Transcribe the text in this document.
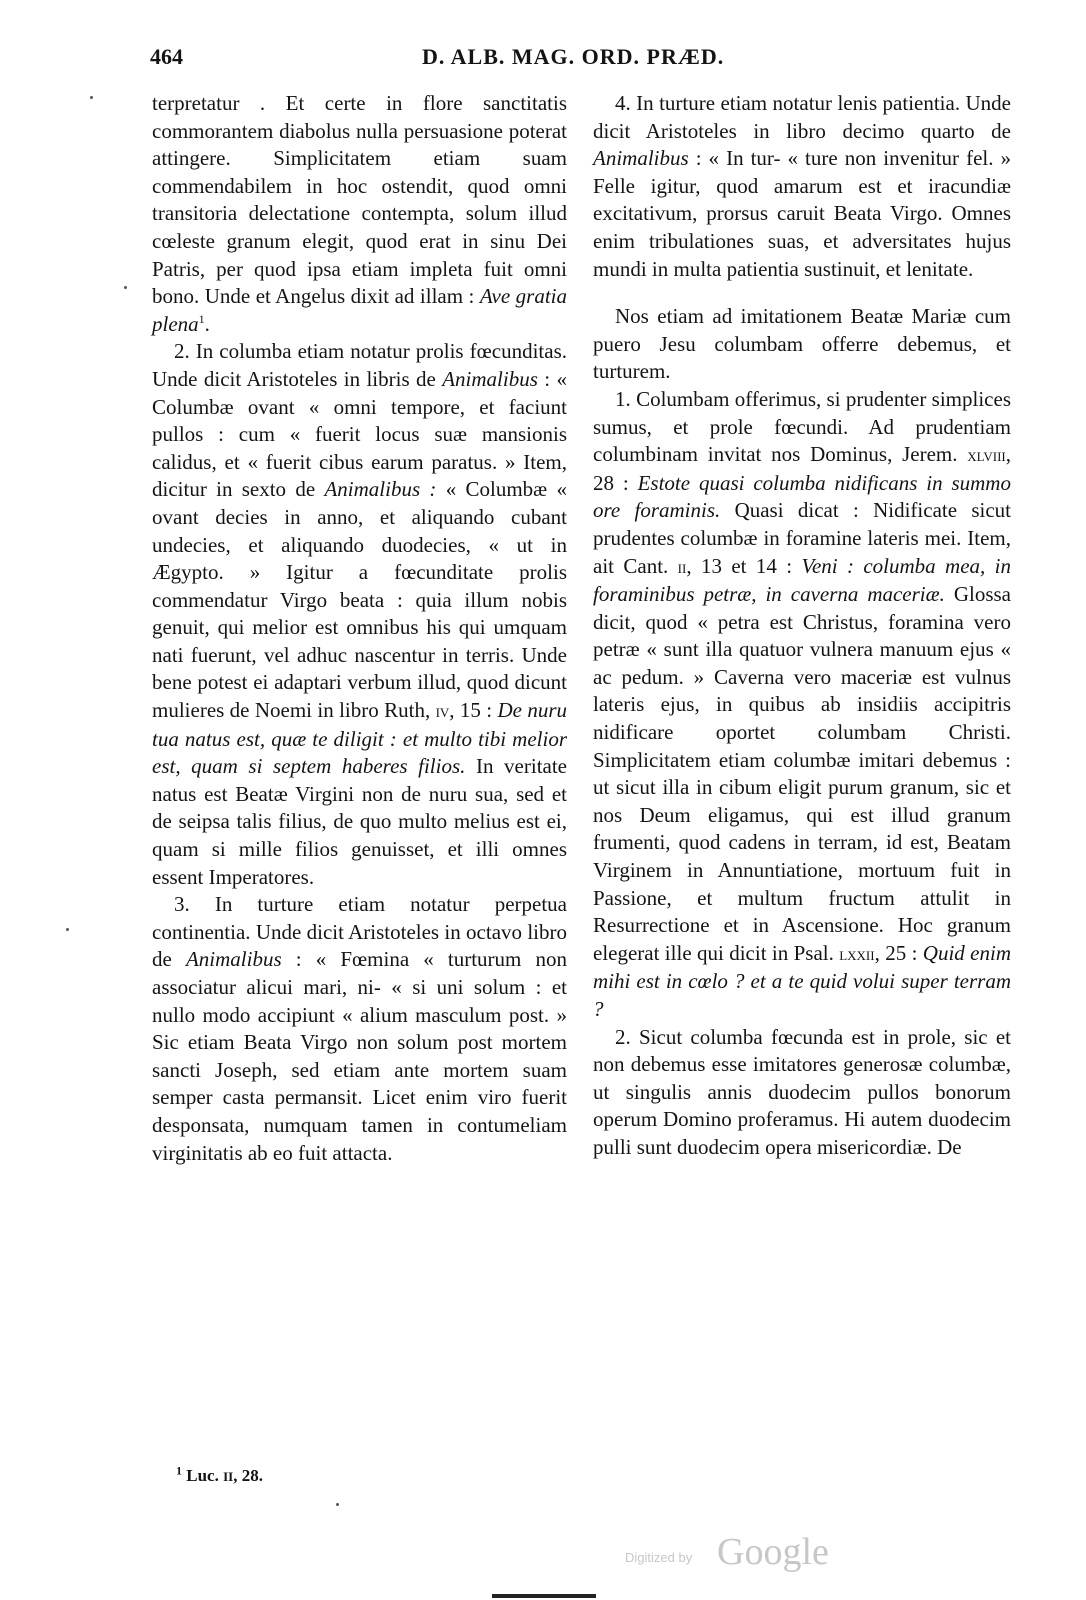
464	D. ALB. MAG. ORD. PRÆD.

terpretatur . Et certe in flore sanctitatis commorantem diabolus nulla persuasione poterat attingere. Simplicitatem etiam suam commendabilem in hoc ostendit, quod omni transitoria delectatione contempta, solum illud cœleste granum elegit, quod erat in sinu Dei Patris, per quod ipsa etiam impleta fuit omni bono. Unde et Angelus dixit ad illam : Ave gratia plena$^1$.

2. In columba etiam notatur prolis fœcunditas. Unde dicit Aristoteles in libris de Animalibus : « Columbæ ovant « omni tempore, et faciunt pullos : cum « fuerit locus suæ mansionis calidus, et « fuerit cibus earum paratus. » Item, dicitur in sexto de Animalibus : « Columbæ « ovant decies in anno, et aliquando cubant undecies, et aliquando duodecies, « ut in Ægypto. » Igitur a fœcunditate prolis commendatur Virgo beata : quia illum nobis genuit, qui melior est omnibus his qui umquam nati fuerunt, vel adhuc nascentur in terris. Unde bene potest ei adaptari verbum illud, quod dicunt mulieres de Noemi in libro Ruth, iv, 15 : De nuru tua natus est, quæ te diligit : et multo tibi melior est, quam si septem haberes filios. In veritate natus est Beatæ Virgini non de nuru sua, sed et de seipsa talis filius, de quo multo melius est ei, quam si mille filios genuisset, et illi omnes essent Imperatores.

3. In turture etiam notatur perpetua continentia. Unde dicit Aristoteles in octavo libro de Animalibus : « Fœmina « turturum non associatur alicui mari, ni- « si uni solum : et nullo modo accipiunt « alium masculum post. » Sic etiam Beata Virgo non solum post mortem sancti Joseph, sed etiam ante mortem suam semper casta permansit. Licet enim viro fuerit desponsata, numquam tamen in contumeliam virginitatis ab eo fuit attacta.

4. In turture etiam notatur lenis patientia. Unde dicit Aristoteles in libro decimo quarto de Animalibus : « In tur- « ture non invenitur fel. » Felle igitur, quod amarum est et iracundiæ excitativum, prorsus caruit Beata Virgo. Omnes enim tribulationes suas, et adversitates hujus mundi in multa patientia sustinuit, et lenitate.

Nos etiam ad imitationem Beatæ Mariæ cum puero Jesu columbam offerre debemus, et turturem.

1. Columbam offerimus, si prudenter simplices sumus, et prole fœcundi. Ad prudentiam columbinam invitat nos Dominus, Jerem. xlviii, 28 : Estote quasi columba nidificans in summo ore foraminis. Quasi dicat : Nidificate sicut prudentes columbæ in foramine lateris mei. Item, ait Cant. ii, 13 et 14 : Veni : columba mea, in foraminibus petræ, in caverna maceriæ. Glossa dicit, quod « petra est Christus, foramina vero petræ « sunt illa quatuor vulnera manuum ejus « ac pedum. » Caverna vero maceriæ est vulnus lateris ejus, in quibus ab insidiis accipitris nidificare oportet columbam Christi. Simplicitatem etiam columbæ imitari debemus : ut sicut illa in cibum eligit purum granum, sic et nos Deum eligamus, qui est illud granum frumenti, quod cadens in terram, id est, Beatam Virginem in Annuntiatione, mortuum fuit in Passione, et multum fructum attulit in Resurrectione et in Ascensione. Hoc granum elegerat ille qui dicit in Psal. lxxii, 25 : Quid enim mihi est in cœlo ? et a te quid volui super terram ?

2. Sicut columba fœcunda est in prole, sic et non debemus esse imitatores generosæ columbæ, ut singulis annis duodecim pullos bonorum operum Domino proferamus. Hi autem duodecim pulli sunt duodecim opera misericordiæ. De

$^1$ Luc. ii, 28.
Digitized by Google
